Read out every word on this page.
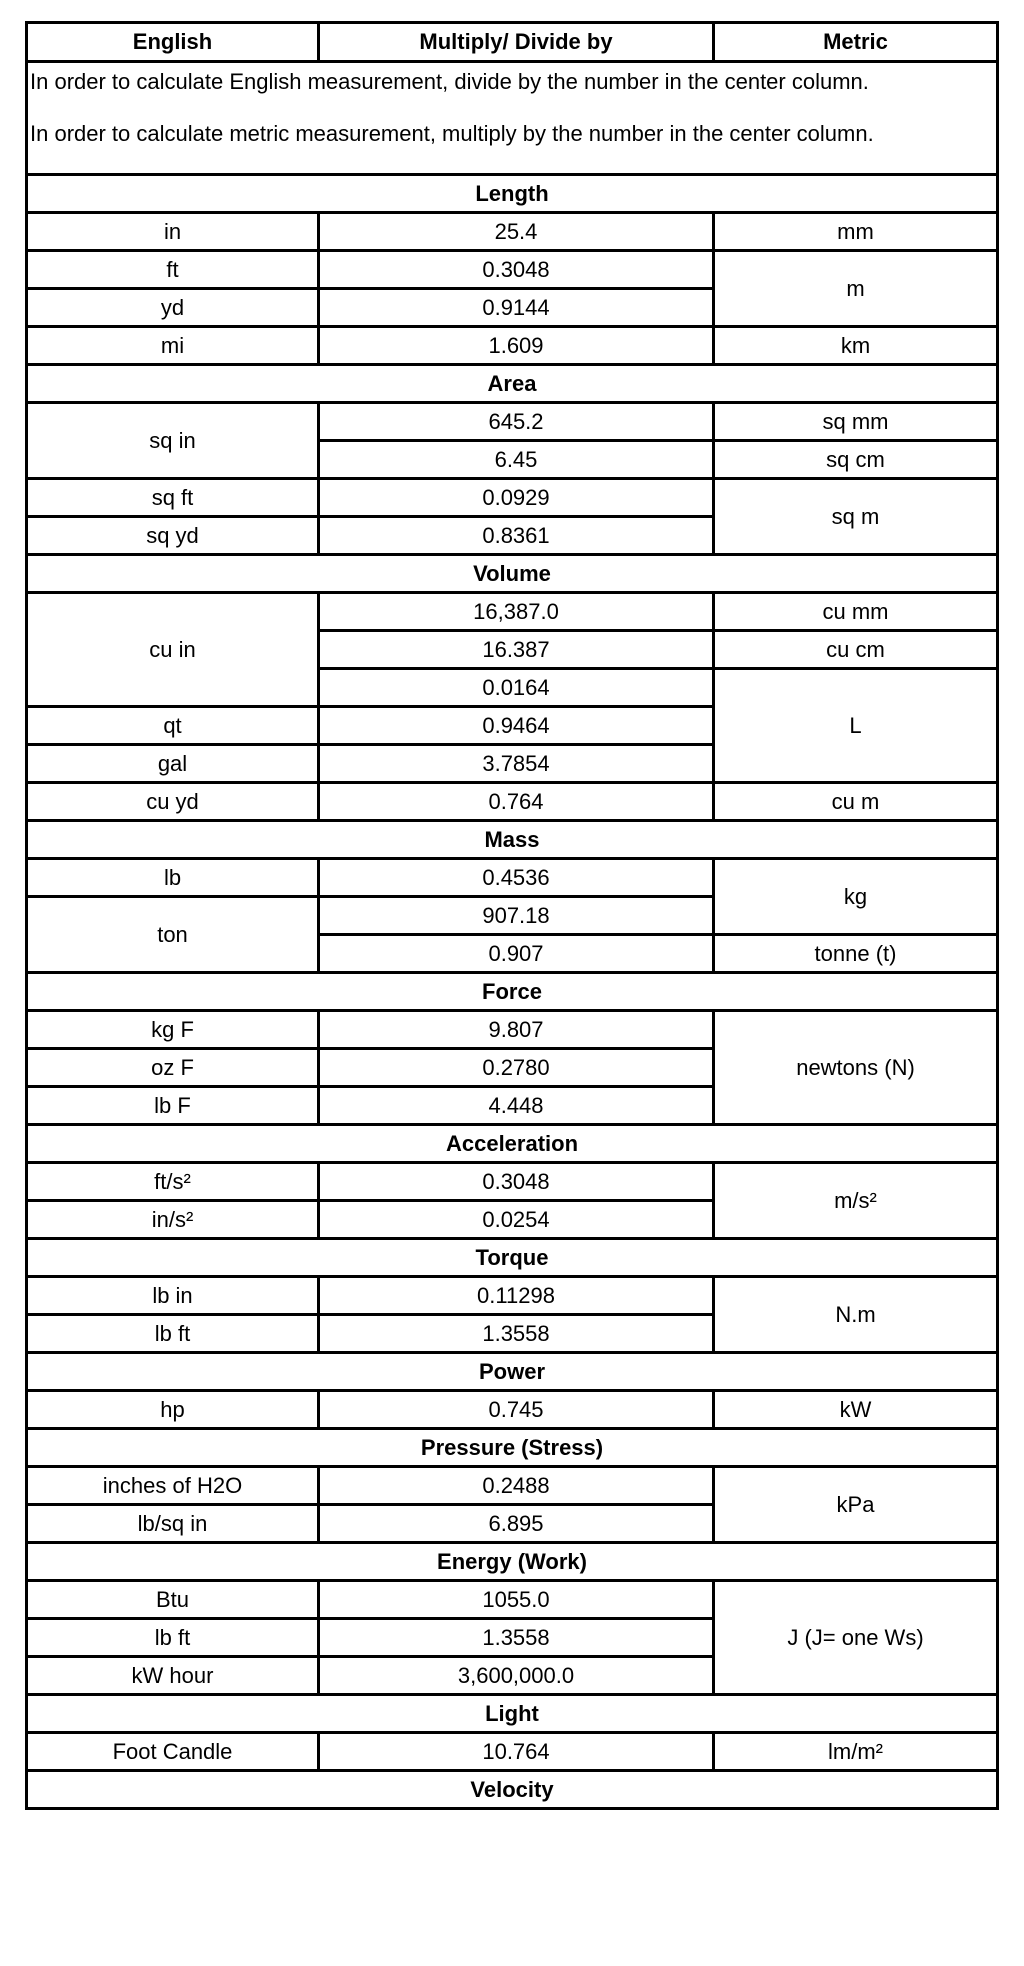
English	Multiply/ Divide by	Metric

In order to calculate English measurement, divide by the number in the center column.
In order to calculate metric measurement, multiply by the number in the center column.		

Length		
in	25.4	mm
ft	0.3048	m
yd	0.9144	
mi	1.609	km
Area		
sq in	645.2	sq mm
	6.45	sq cm
sq ft	0.0929	sq m
sq yd	0.8361	
Volume		
cu in	16,387.0	cu mm
	16.387	cu cm
	0.0164	L
qt	0.9464	
gal	3.7854	
cu yd	0.764	cu m
Mass		
lb	0.4536	kg
ton	907.18	
	0.907	tonne (t)
Force		
kg F	9.807	newtons (N)
oz F	0.2780	
lb F	4.448	
Acceleration		
ft/s²	0.3048	m/s²
in/s²	0.0254	
Torque		
lb in	0.11298	N.m
lb ft	1.3558	
Power		
hp	0.745	kW
Pressure (Stress)		
inches of H2O	0.2488	kPa
lb/sq in	6.895	
Energy (Work)		
Btu	1055.0	J (J= one Ws)
lb ft	1.3558	
kW hour	3,600,000.0	
Light		
Foot Candle	10.764	lm/m²
Velocity		
